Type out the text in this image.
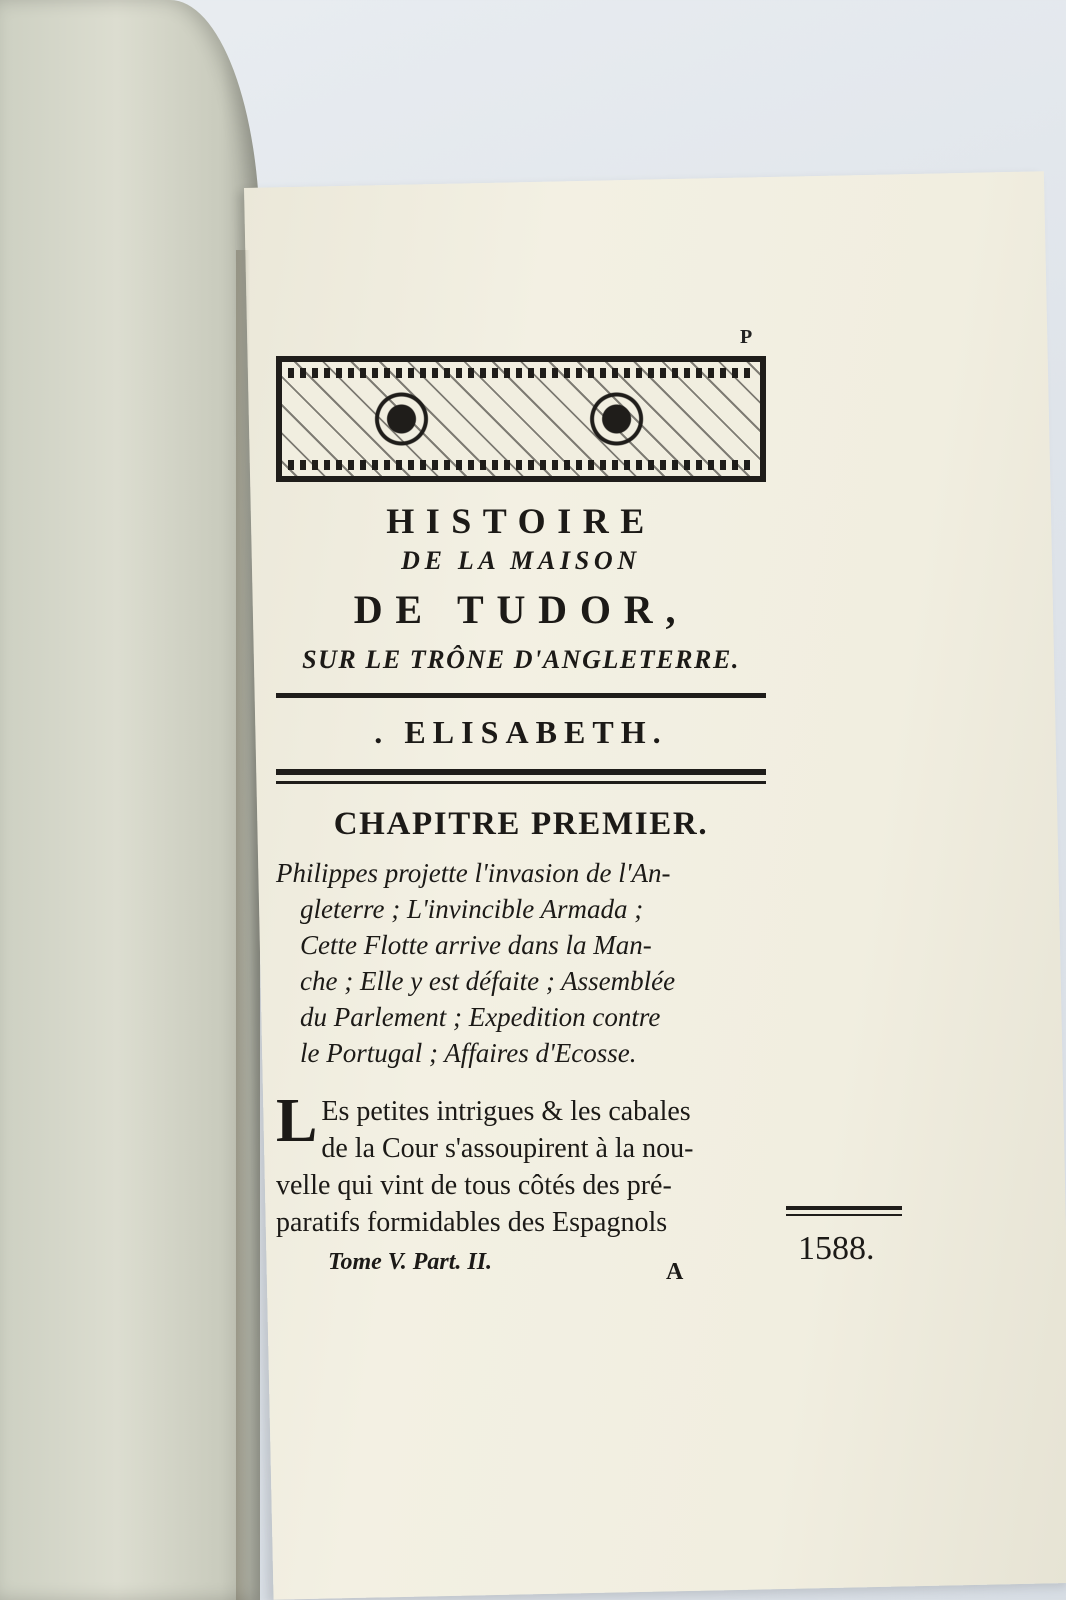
P
HISTOIRE
DE LA MAISON
DE TUDOR,
SUR LE TRÔNE D'ANGLETERRE.
. ELISABETH.
CHAPITRE PREMIER.
Philippes projette l'invasion de l'An-
gleterre ; L'invincible Armada ;
Cette Flotte arrive dans la Man-
che ; Elle y est défaite ; Assemblée
du Parlement ; Expedition contre
le Portugal ; Affaires d'Ecosse.
L Es petites intrigues & les cabales
de la Cour s'assoupirent à la nou-
velle qui vint de tous côtés des pré-
paratifs formidables des Espagnols
Tome V. Part. II.	A
1588.
